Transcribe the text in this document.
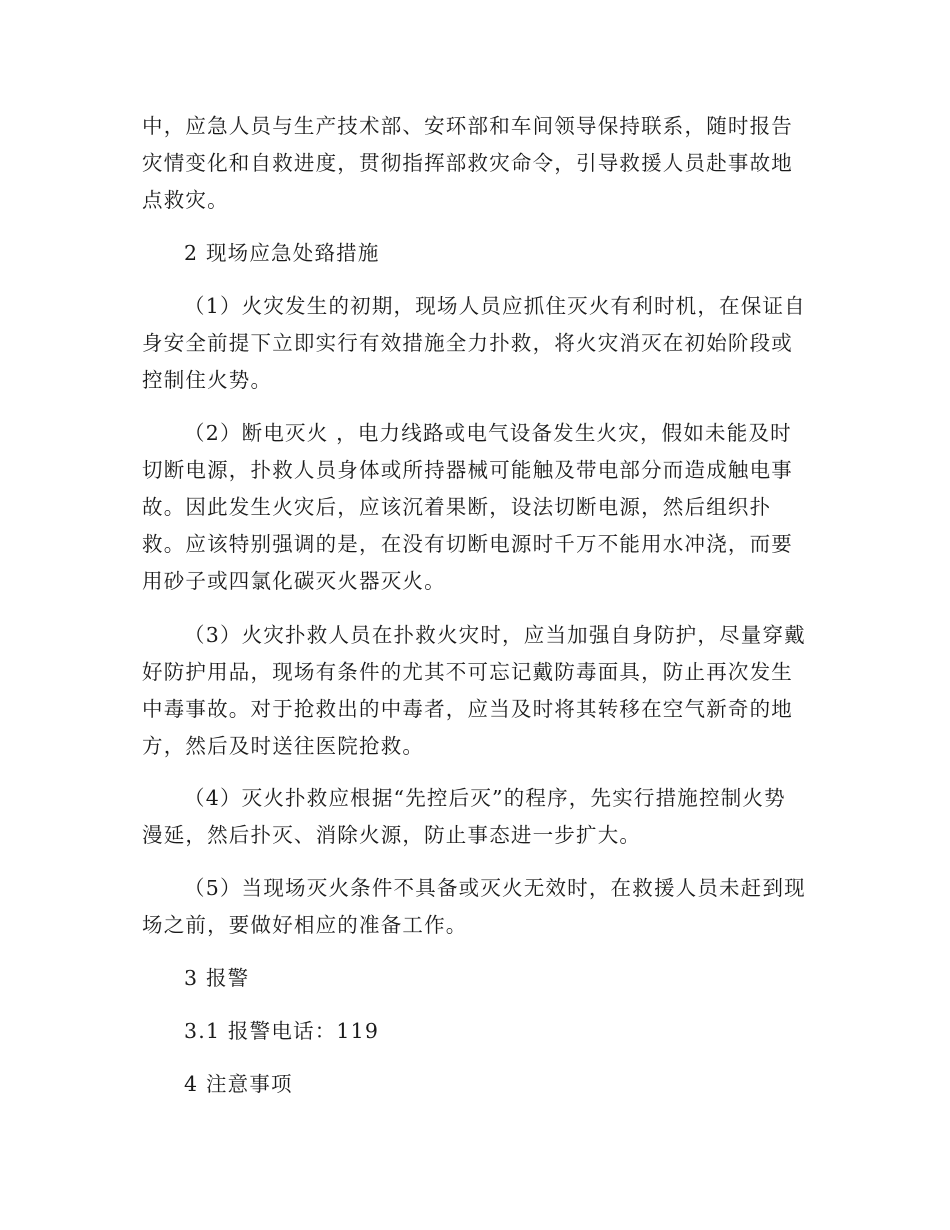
中，应急人员与生产技术部、安环部和车间领导保持联系，随时报告
灾情变化和自救进度，贯彻指挥部救灾命令，引导救援人员赴事故地
点救灾。
2 现场应急处臵措施
（1）火灾发生的初期，现场人员应抓住灭火有利时机，在保证自
身安全前提下立即实行有效措施全力扑救，将火灾消灭在初始阶段或
控制住火势。
（2）断电灭火 ，电力线路或电气设备发生火灾，假如未能及时
切断电源，扑救人员身体或所持器械可能触及带电部分而造成触电事
故。因此发生火灾后，应该沉着果断，设法切断电源，然后组织扑
救。应该特别强调的是，在没有切断电源时千万不能用水冲浇，而要
用砂子或四氯化碳灭火器灭火。
（3）火灾扑救人员在扑救火灾时，应当加强自身防护，尽量穿戴
好防护用品，现场有条件的尤其不可忘记戴防毒面具，防止再次发生
中毒事故。对于抢救出的中毒者，应当及时将其转移在空气新奇的地
方，然后及时送往医院抢救。
（4）灭火扑救应根据“先控后灭”的程序，先实行措施控制火势
漫延，然后扑灭、消除火源，防止事态进一步扩大。
（5）当现场灭火条件不具备或灭火无效时，在救援人员未赶到现
场之前，要做好相应的准备工作。
3 报警
3.1 报警电话：119
4 注意事项
